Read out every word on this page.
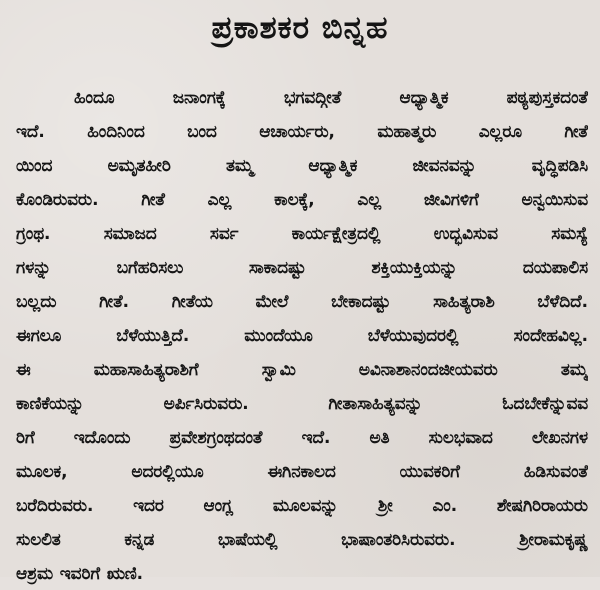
ಪ್ರಕಾಶಕರ ಬಿನ್ನಹ
ಹಿಂದೂ ಜನಾಂಗಕ್ಕೆ ಭಗವದ್ಗೀತೆ ಆಧ್ಯಾತ್ಮಿಕ ಪಠ್ಯಪುಸ್ತಕದಂತೆ
ಇದೆ. ಹಿಂದಿನಿಂದ ಬಂದ ಆಚಾರ್ಯರು, ಮಹಾತ್ಮರು ಎಲ್ಲರೂ ಗೀತೆ
ಯಿಂದ ಅಮೃತಹೀರಿ ತಮ್ಮ ಆಧ್ಯಾತ್ಮಿಕ ಜೀವನವನ್ನು ವೃದ್ಧಿಪಡಿಸಿ
ಕೊಂಡಿರುವರು. ಗೀತೆ ಎಲ್ಲ ಕಾಲಕ್ಕೆ, ಎಲ್ಲ ಜೀವಿಗಳಿಗೆ ಅನ್ವಯಿಸುವ
ಗ್ರಂಥ. ಸಮಾಜದ ಸರ್ವ ಕಾರ್ಯಕ್ಷೇತ್ರದಲ್ಲಿ ಉದ್ಭವಿಸುವ ಸಮಸ್ಯೆ
ಗಳನ್ನು ಬಗೆಹರಿಸಲು ಸಾಕಾದಷ್ಟು ಶಕ್ತಿಯುಕ್ತಿಯನ್ನು ದಯಪಾಲಿಸ
ಬಲ್ಲದು ಗೀತೆ. ಗೀತೆಯ ಮೇಲೆ ಬೇಕಾದಷ್ಟು ಸಾಹಿತ್ಯರಾಶಿ ಬೆಳೆದಿದೆ.
ಈಗಲೂ ಬೆಳೆಯುತ್ತಿದೆ. ಮುಂದೆಯೂ ಬೆಳೆಯುವುದರಲ್ಲಿ ಸಂದೇಹವಿಲ್ಲ.
ಈ ಮಹಾಸಾಹಿತ್ಯರಾಶಿಗೆ ಸ್ವಾಮಿ ಅವಿನಾಶಾನಂದಜೀಯವರು ತಮ್ಮ
ಕಾಣಿಕೆಯನ್ನು ಅರ್ಪಿಸಿರುವರು. ಗೀತಾಸಾಹಿತ್ಯವನ್ನು ಓದಬೇಕೆನ್ನುವವ
ರಿಗೆ ಇದೊಂದು ಪ್ರವೇಶಗ್ರಂಥದಂತೆ ಇದೆ. ಅತಿ ಸುಲಭವಾದ ಲೇಖನಗಳ
ಮೂಲಕ, ಅದರಲ್ಲಿಯೂ ಈಗಿನಕಾಲದ ಯುವಕರಿಗೆ ಹಿಡಿಸುವಂತೆ
ಬರೆದಿರುವರು. ಇದರ ಆಂಗ್ಲ ಮೂಲವನ್ನು ಶ್ರೀ ಎಂ. ಶೇಷಗಿರಿರಾಯರು
ಸುಲಲಿತ ಕನ್ನಡ ಭಾಷೆಯಲ್ಲಿ ಭಾಷಾಂತರಿಸಿರುವರು. ಶ್ರೀರಾಮಕೃಷ್ಣ
ಆಶ್ರಮ ಇವರಿಗೆ ಋಣಿ.
